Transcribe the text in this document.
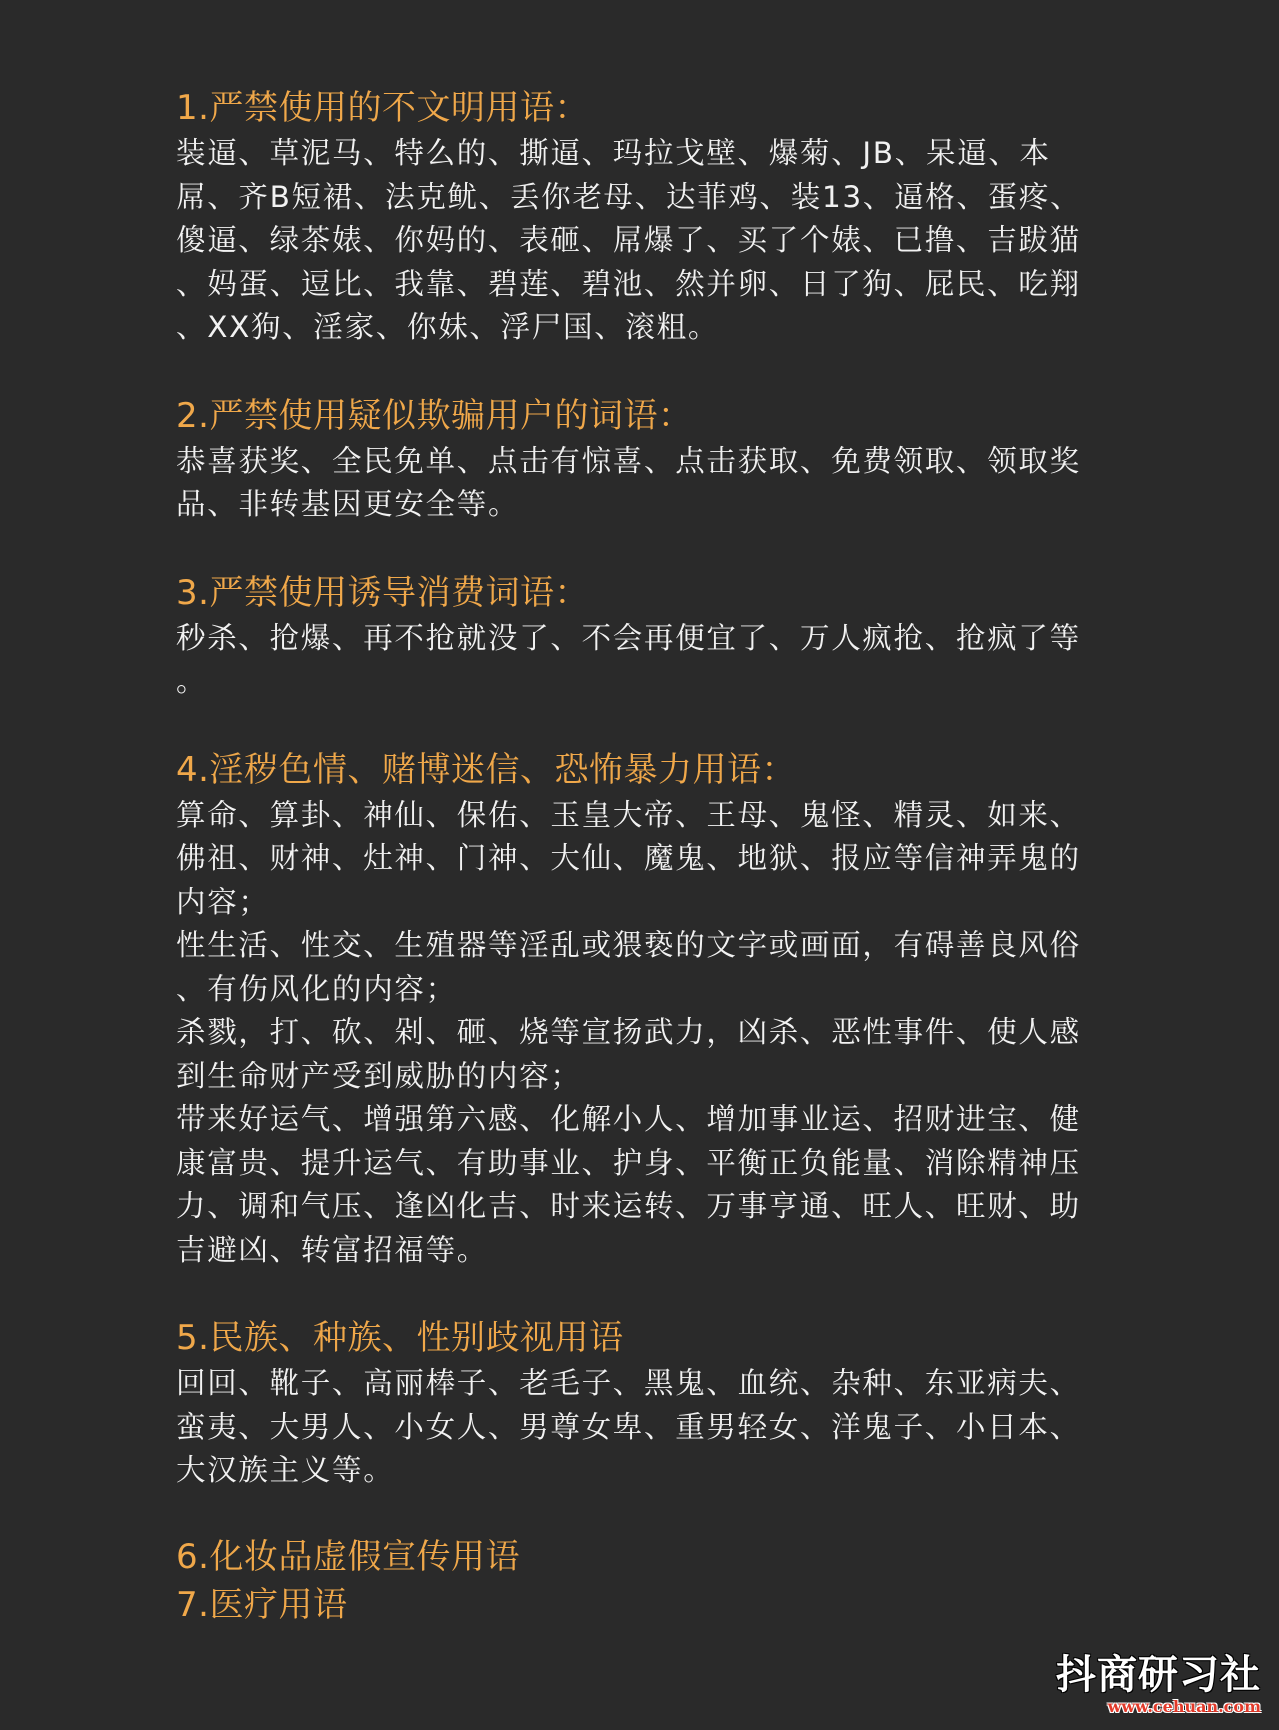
1.严禁使用的不文明用语：
装逼、草泥马、特么的、撕逼、玛拉戈壁、爆菊、JB、呆逼、本
屌、齐B短裙、法克鱿、丢你老母、达菲鸡、装13、逼格、蛋疼、
傻逼、绿茶婊、你妈的、表砸、屌爆了、买了个婊、已撸、吉跋猫
、妈蛋、逗比、我靠、碧莲、碧池、然并卵、日了狗、屁民、吃翔
、XX狗、淫家、你妹、浮尸国、滚粗。
2.严禁使用疑似欺骗用户的词语：
恭喜获奖、全民免单、点击有惊喜、点击获取、免费领取、领取奖
品、非转基因更安全等。
3.严禁使用诱导消费词语：
秒杀、抢爆、再不抢就没了、不会再便宜了、万人疯抢、抢疯了等
。
4.淫秽色情、赌博迷信、恐怖暴力用语：
算命、算卦、神仙、保佑、玉皇大帝、王母、鬼怪、精灵、如来、
佛祖、财神、灶神、门神、大仙、魔鬼、地狱、报应等信神弄鬼的
内容；
性生活、性交、生殖器等淫乱或猥亵的文字或画面，有碍善良风俗
、有伤风化的内容；
杀戮，打、砍、剁、砸、烧等宣扬武力，凶杀、恶性事件、使人感
到生命财产受到威胁的内容；
带来好运气、增强第六感、化解小人、增加事业运、招财进宝、健
康富贵、提升运气、有助事业、护身、平衡正负能量、消除精神压
力、调和气压、逢凶化吉、时来运转、万事亨通、旺人、旺财、助
吉避凶、转富招福等。
5.民族、种族、性别歧视用语
回回、靴子、高丽棒子、老毛子、黑鬼、血统、杂种、东亚病夫、
蛮夷、大男人、小女人、男尊女卑、重男轻女、洋鬼子、小日本、
大汉族主义等。
6.化妆品虚假宣传用语
7.医疗用语
抖商研习社
www.cehuan.com
